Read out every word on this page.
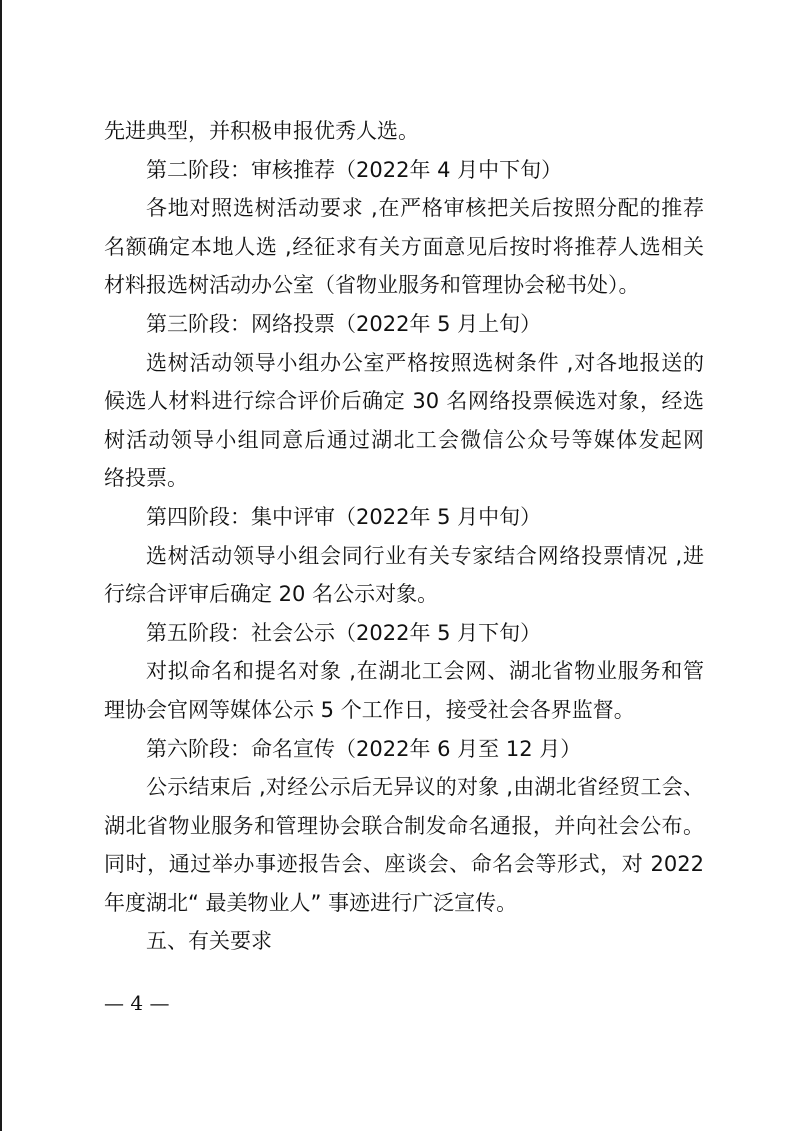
先进典型，并积极申报优秀人选。
第二阶段：审核推荐（2022年 4 月中下旬）
各地对照选树活动要求 ,在严格审核把关后按照分配的推荐
名额确定本地人选 ,经征求有关方面意见后按时将推荐人选相关
材料报选树活动办公室（省物业服务和管理协会秘书处）。
第三阶段：网络投票（2022年 5 月上旬）
选树活动领导小组办公室严格按照选树条件 ,对各地报送的
候选人材料进行综合评价后确定 30 名网络投票候选对象，经选
树活动领导小组同意后通过湖北工会微信公众号等媒体发起网
络投票。
第四阶段：集中评审（2022年 5 月中旬）
选树活动领导小组会同行业有关专家结合网络投票情况 ,进
行综合评审后确定 20 名公示对象。
第五阶段：社会公示（2022年 5 月下旬）
对拟命名和提名对象 ,在湖北工会网、湖北省物业服务和管
理协会官网等媒体公示 5 个工作日，接受社会各界监督。
第六阶段：命名宣传（2022年 6 月至 12 月）
公示结束后 ,对经公示后无异议的对象 ,由湖北省经贸工会、
湖北省物业服务和管理协会联合制发命名通报，并向社会公布。
同时，通过举办事迹报告会、座谈会、命名会等形式，对 2022
年度湖北“ 最美物业人” 事迹进行广泛宣传。
五、有关要求
— 4 —
